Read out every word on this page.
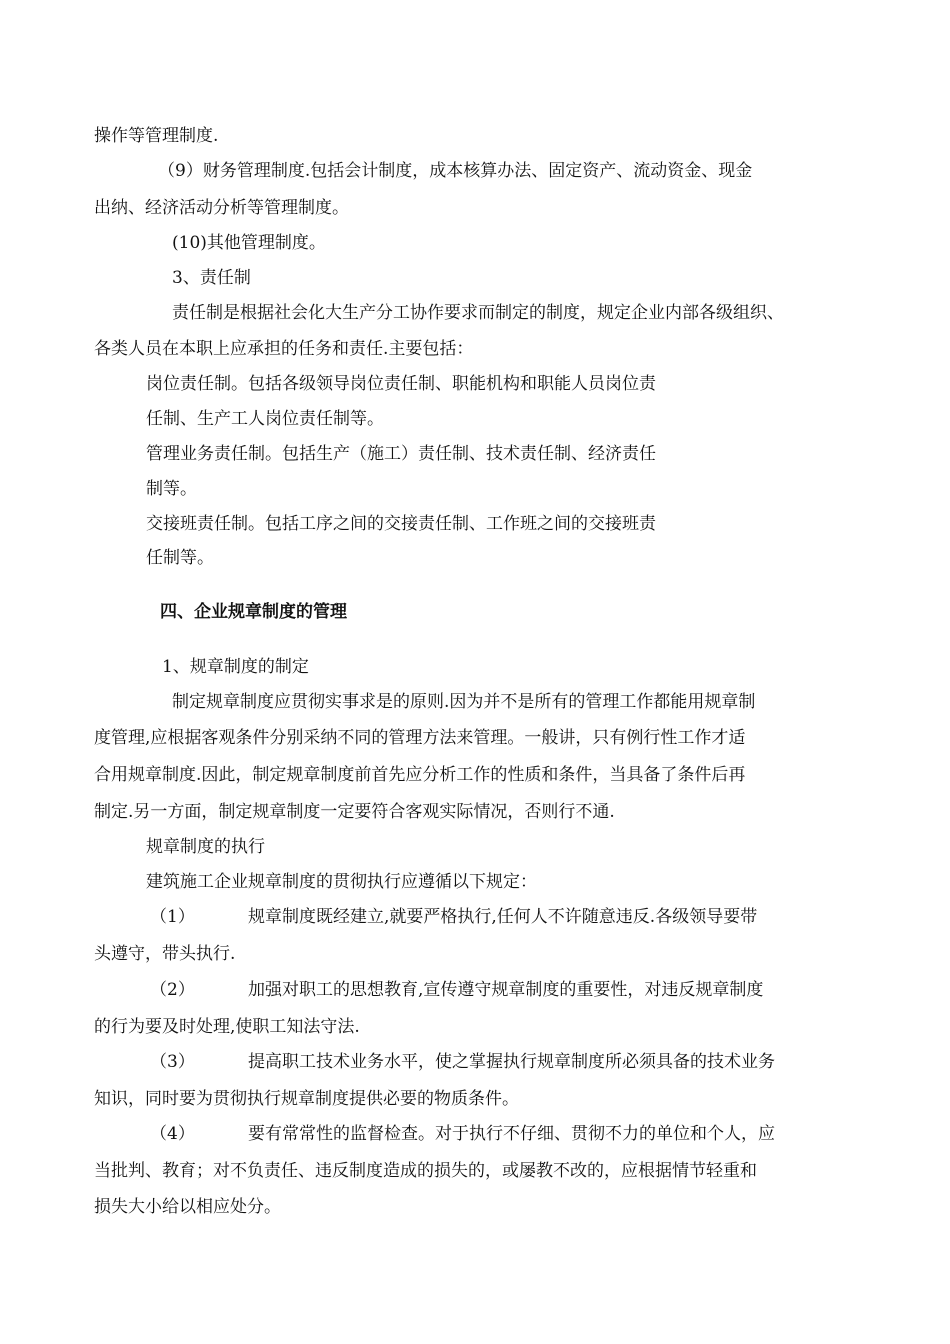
操作等管理制度.
（9）财务管理制度.包括会计制度，成本核算办法、固定资产、流动资金、现金
出纳、经济活动分析等管理制度。
(10)其他管理制度。
3、责任制
责任制是根据社会化大生产分工协作要求而制定的制度，规定企业内部各级组织、
各类人员在本职上应承担的任务和责任.主要包括：
岗位责任制。包括各级领导岗位责任制、职能机构和职能人员岗位责
任制、生产工人岗位责任制等。
管理业务责任制。包括生产（施工）责任制、技术责任制、经济责任
制等。
交接班责任制。包括工序之间的交接责任制、工作班之间的交接班责
任制等。
四、企业规章制度的管理
1、规章制度的制定
制定规章制度应贯彻实事求是的原则.因为并不是所有的管理工作都能用规章制
度管理,应根据客观条件分别采纳不同的管理方法来管理。一般讲，只有例行性工作才适
合用规章制度.因此，制定规章制度前首先应分析工作的性质和条件，当具备了条件后再
制定.另一方面，制定规章制度一定要符合客观实际情况，否则行不通.
规章制度的执行
建筑施工企业规章制度的贯彻执行应遵循以下规定：
（1）	规章制度既经建立,就要严格执行,任何人不许随意违反.各级领导要带
头遵守，带头执行.
（2）	加强对职工的思想教育,宣传遵守规章制度的重要性，对违反规章制度
的行为要及时处理,使职工知法守法.
（3）	提高职工技术业务水平，使之掌握执行规章制度所必须具备的技术业务
知识，同时要为贯彻执行规章制度提供必要的物质条件。
（4）	要有常常性的监督检查。对于执行不仔细、贯彻不力的单位和个人，应
当批判、教育；对不负责任、违反制度造成的损失的，或屡教不改的，应根据情节轻重和
损失大小给以相应处分。
